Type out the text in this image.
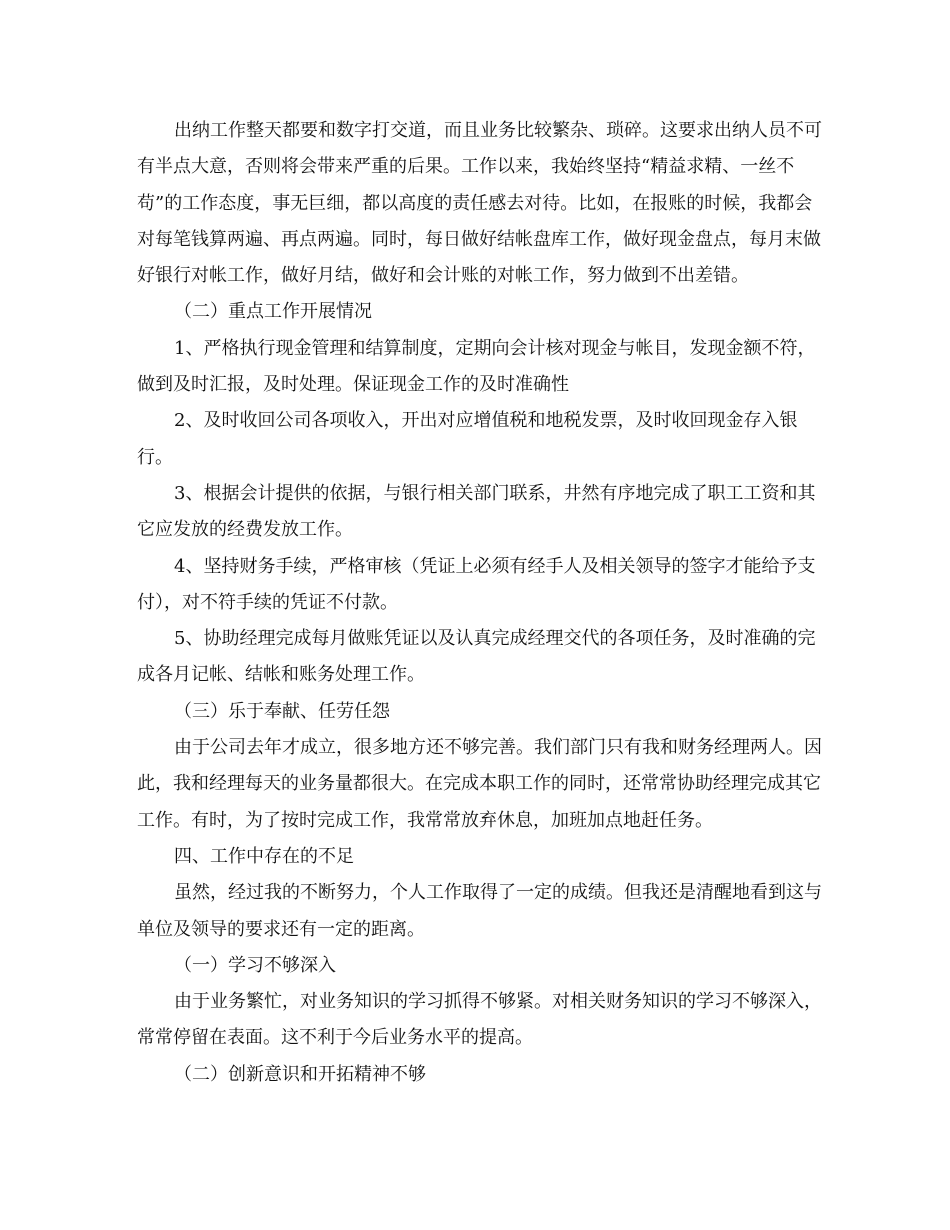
出纳工作整天都要和数字打交道，而且业务比较繁杂、琐碎。这要求出纳人员不可有半点大意，否则将会带来严重的后果。工作以来，我始终坚持“精益求精、一丝不苟”的工作态度，事无巨细，都以高度的责任感去对待。比如，在报账的时候，我都会对每笔钱算两遍、再点两遍。同时，每日做好结帐盘库工作，做好现金盘点，每月末做好银行对帐工作，做好月结，做好和会计账的对帐工作，努力做到不出差错。

（二）重点工作开展情况

1、严格执行现金管理和结算制度，定期向会计核对现金与帐目，发现金额不符，做到及时汇报，及时处理。保证现金工作的及时准确性

2、及时收回公司各项收入，开出对应增值税和地税发票，及时收回现金存入银行。

3、根据会计提供的依据，与银行相关部门联系，井然有序地完成了职工工资和其它应发放的经费发放工作。

4、坚持财务手续，严格审核（凭证上必须有经手人及相关领导的签字才能给予支付），对不符手续的凭证不付款。

5、协助经理完成每月做账凭证以及认真完成经理交代的各项任务，及时准确的完成各月记帐、结帐和账务处理工作。

（三）乐于奉献、任劳任怨

由于公司去年才成立，很多地方还不够完善。我们部门只有我和财务经理两人。因此，我和经理每天的业务量都很大。在完成本职工作的同时，还常常协助经理完成其它工作。有时，为了按时完成工作，我常常放弃休息，加班加点地赶任务。

四、工作中存在的不足

虽然，经过我的不断努力，个人工作取得了一定的成绩。但我还是清醒地看到这与单位及领导的要求还有一定的距离。

（一）学习不够深入

由于业务繁忙，对业务知识的学习抓得不够紧。对相关财务知识的学习不够深入，常常停留在表面。这不利于今后业务水平的提高。

（二）创新意识和开拓精神不够
